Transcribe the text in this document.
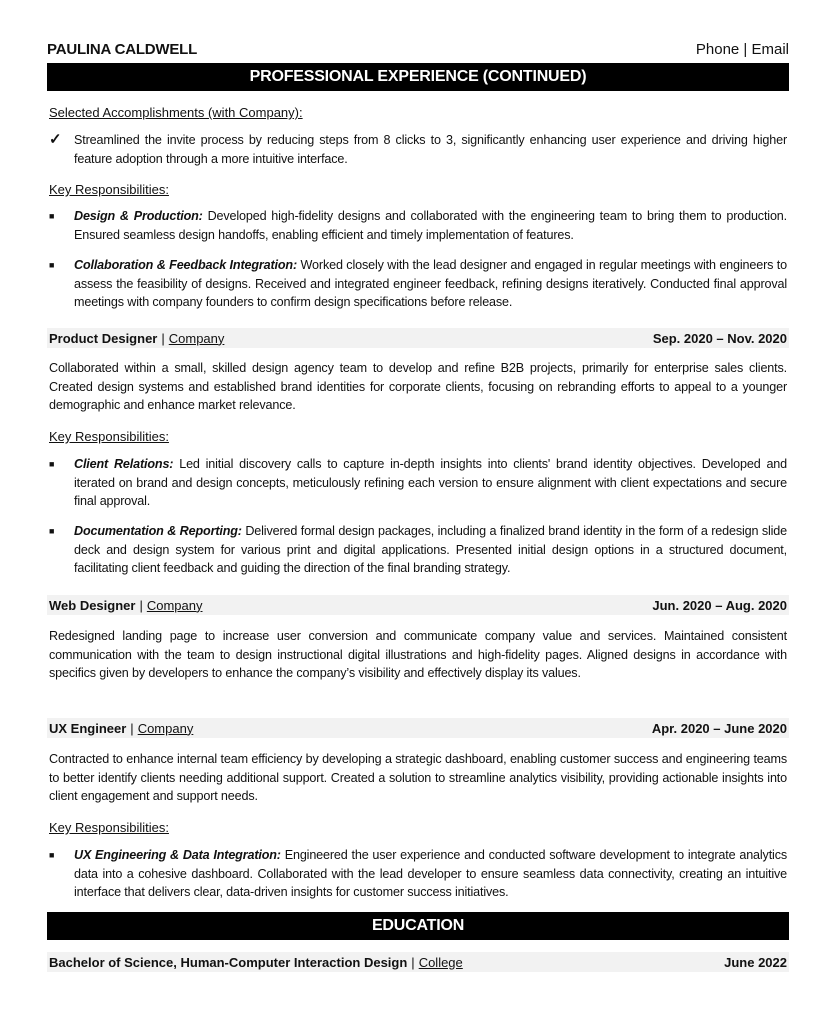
PAULINA CALDWELL	Phone | Email
PROFESSIONAL EXPERIENCE (CONTINUED)
Selected Accomplishments (with Company):
✓ Streamlined the invite process by reducing steps from 8 clicks to 3, significantly enhancing user experience and driving higher feature adoption through a more intuitive interface.
Key Responsibilities:
■	Design & Production: Developed high-fidelity designs and collaborated with the engineering team to bring them to production. Ensured seamless design handoffs, enabling efficient and timely implementation of features.
■	Collaboration & Feedback Integration: Worked closely with the lead designer and engaged in regular meetings with engineers to assess the feasibility of designs. Received and integrated engineer feedback, refining designs iteratively. Conducted final approval meetings with company founders to confirm design specifications before release.
Product Designer | Company	Sep. 2020 – Nov. 2020
Collaborated within a small, skilled design agency team to develop and refine B2B projects, primarily for enterprise sales clients. Created design systems and established brand identities for corporate clients, focusing on rebranding efforts to appeal to a younger demographic and enhance market relevance.
Key Responsibilities:
■	Client Relations: Led initial discovery calls to capture in-depth insights into clients' brand identity objectives. Developed and iterated on brand and design concepts, meticulously refining each version to ensure alignment with client expectations and secure final approval.
■	Documentation & Reporting: Delivered formal design packages, including a finalized brand identity in the form of a redesign slide deck and design system for various print and digital applications. Presented initial design options in a structured document, facilitating client feedback and guiding the direction of the final branding strategy.
Web Designer | Company	Jun. 2020 – Aug. 2020
Redesigned landing page to increase user conversion and communicate company value and services. Maintained consistent communication with the team to design instructional digital illustrations and high-fidelity pages. Aligned designs in accordance with specifics given by developers to enhance the company’s visibility and effectively display its values.
UX Engineer | Company	Apr. 2020 – June 2020
Contracted to enhance internal team efficiency by developing a strategic dashboard, enabling customer success and engineering teams to better identify clients needing additional support. Created a solution to streamline analytics visibility, providing actionable insights into client engagement and support needs.
Key Responsibilities:
■	UX Engineering & Data Integration: Engineered the user experience and conducted software development to integrate analytics data into a cohesive dashboard. Collaborated with the lead developer to ensure seamless data connectivity, creating an intuitive interface that delivers clear, data-driven insights for customer success initiatives.
EDUCATION
Bachelor of Science, Human-Computer Interaction Design | College	June 2022
